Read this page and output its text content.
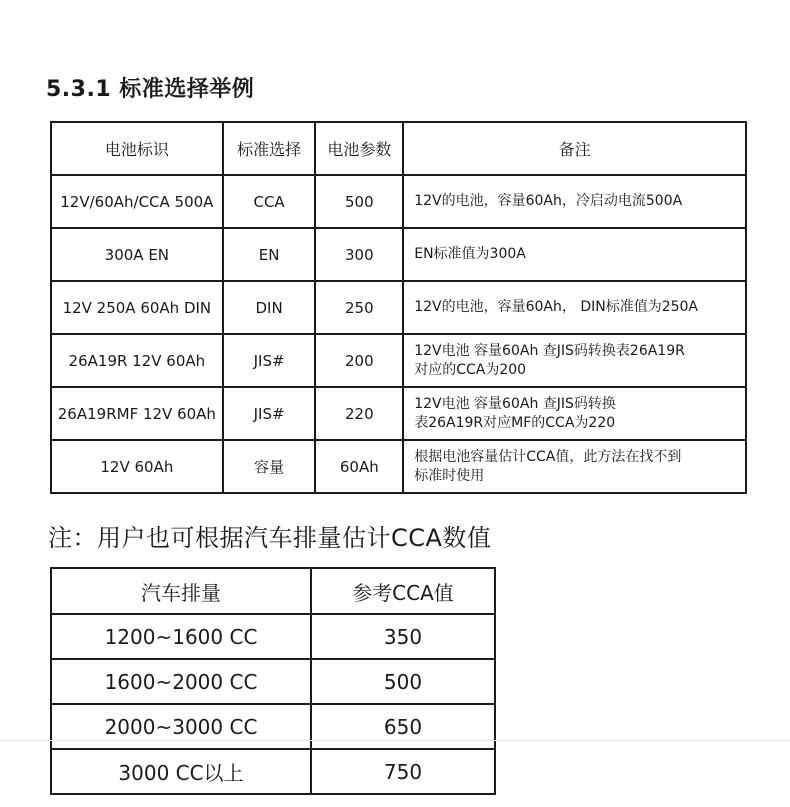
5.3.1 标准选择举例
电池标识	标准选择	电池参数	备注
12V/60Ah/CCA 500A	CCA	500	12V的电池，容量60Ah，冷启动电流500A

300A EN	EN	300	EN标准值为300A

12V 250A 60Ah DIN	DIN	250	12V的电池，容量60Ah， DIN标准值为250A

26A19R 12V 60Ah	JIS#	200	12V电池 容量60Ah 查JIS码转换表26A19R
对应的CCA为200

26A19RMF 12V 60Ah	JIS#	220	12V电池 容量60Ah 查JIS码转换
表26A19R对应MF的CCA为220

12V 60Ah	容量	60Ah	根据电池容量估计CCA值，此方法在找不到
标准时使用
注：用户也可根据汽车排量估计CCA数值
汽车排量	参考CCA值
1200~1600 CC	350
1600~2000 CC	500
2000~3000 CC	650
3000 CC以上	750
